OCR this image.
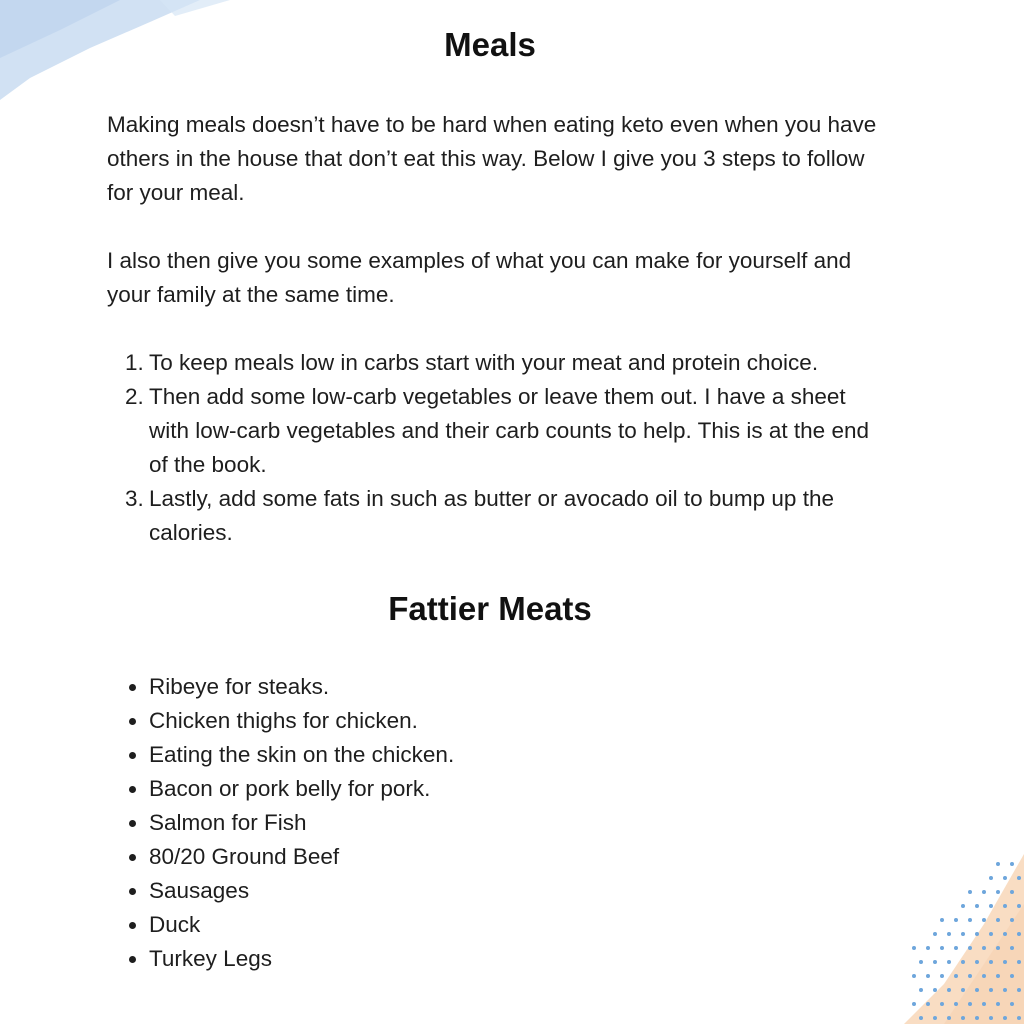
Meals

Making meals doesn’t have to be hard when eating keto even when you have others in the house that don’t eat this way. Below I give you 3 steps to follow for your meal.

I also then give you some examples of what you can make for yourself and your family at the same time.

1. To keep meals low in carbs start with your meat and protein choice.
2. Then add some low-carb vegetables or leave them out. I have a sheet with low-carb vegetables and their carb counts to help. This is at the end of the book.
3. Lastly, add some fats in such as butter or avocado oil to bump up the calories.
Fattier Meats
Ribeye for steaks.
Chicken thighs for chicken.
Eating the skin on the chicken.
Bacon or pork belly for pork.
Salmon for Fish
80/20 Ground Beef
Sausages
Duck
Turkey Legs
